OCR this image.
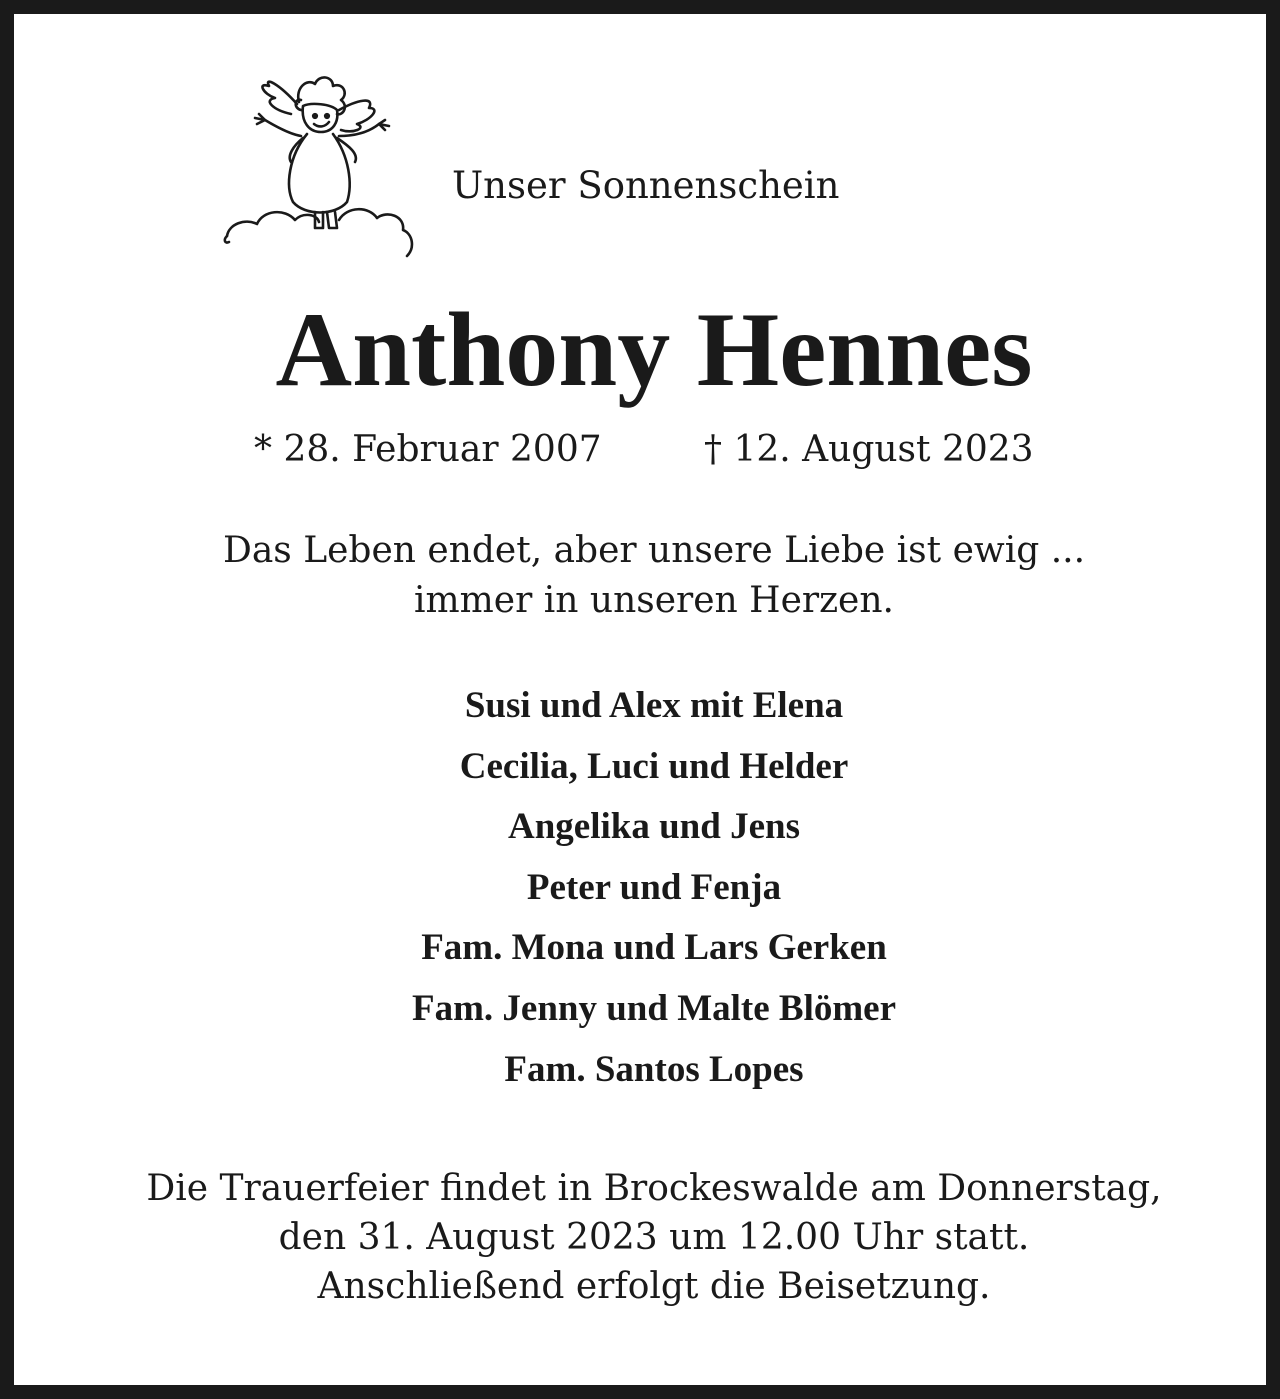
Unser Sonnenschein
Anthony Hennes
* 28. Februar 2007	† 12. August 2023
Das Leben endet, aber unsere Liebe ist ewig ...
immer in unseren Herzen.
Susi und Alex mit Elena
Cecilia, Luci und Helder
Angelika und Jens
Peter und Fenja
Fam. Mona und Lars Gerken
Fam. Jenny und Malte Blömer
Fam. Santos Lopes
Die Trauerfeier findet in Brockeswalde am Donnerstag,
den 31. August 2023 um 12.00 Uhr statt.
Anschließend erfolgt die Beisetzung.
